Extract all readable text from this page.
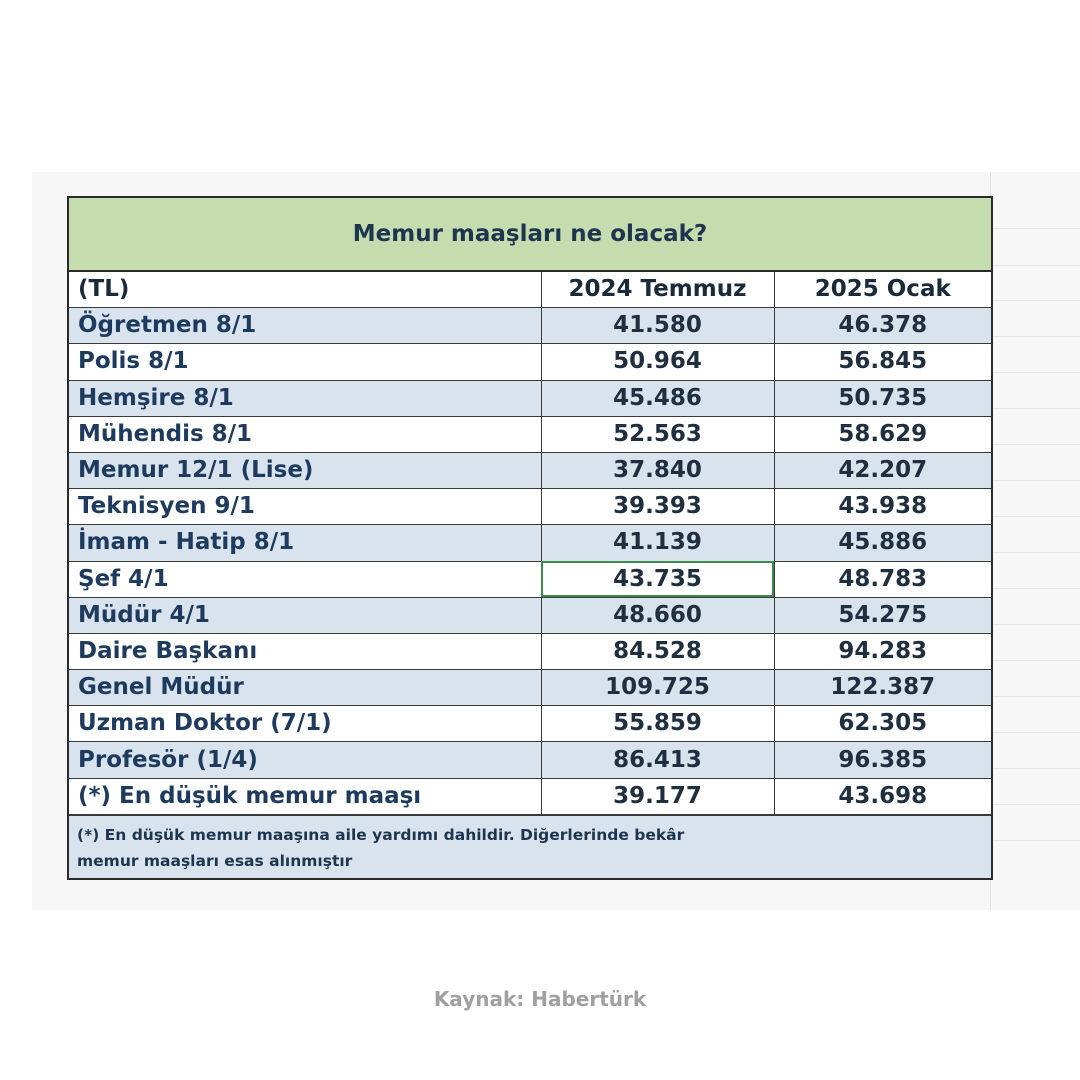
Memur maaşları ne olacak?
(TL)	2024 Temmuz	2025 Ocak
Öğretmen 8/1	41.580	46.378
Polis 8/1	50.964	56.845
Hemşire 8/1	45.486	50.735
Mühendis 8/1	52.563	58.629
Memur 12/1 (Lise)	37.840	42.207
Teknisyen 9/1	39.393	43.938
İmam - Hatip 8/1	41.139	45.886
Şef 4/1	43.735	48.783
Müdür 4/1	48.660	54.275
Daire Başkanı	84.528	94.283
Genel Müdür	109.725	122.387
Uzman Doktor (7/1)	55.859	62.305
Profesör (1/4)	86.413	96.385
(*) En düşük memur maaşı	39.177	43.698
(*) En düşük memur maaşına aile yardımı dahildir. Diğerlerinde bekâr
memur maaşları esas alınmıştır
Kaynak: Habertürk
